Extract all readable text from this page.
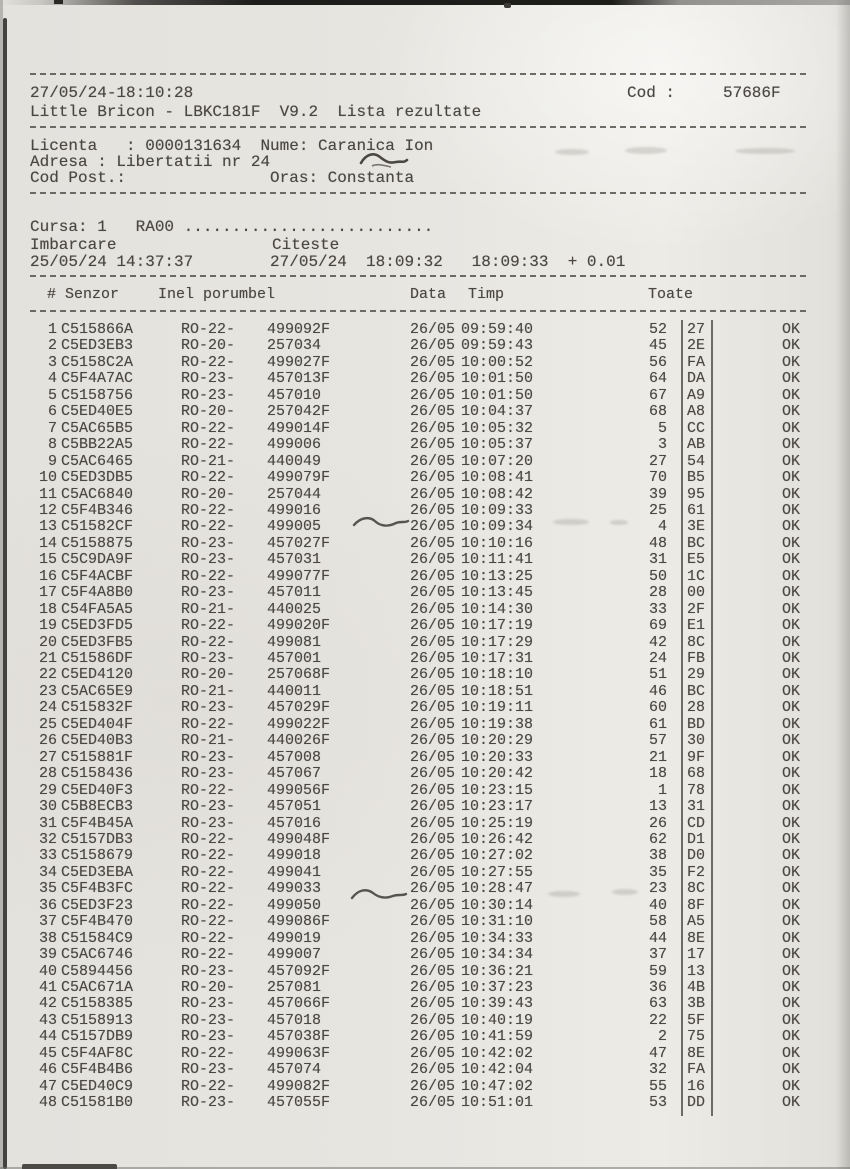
27/05/24-18:10:28	Cod :	57686F
Little Bricon - LBKC181F  V9.2  Lista rezultate
Licenta   : 0000131634  Nume: Caranica Ion
Adresa : Libertatii nr 24
Cod Post.:               Oras: Constanta
Cursa: 1   RA00 ..........................
Imbarcare	Citeste
25/05/24 14:37:37        27/05/24  18:09:32   18:09:33  + 0.01
# Senzor	Inel porumbel	Data Timp	Toate
1 C515866A	RO-22- 499092F	26/05 09:59:40	52 27	OK
2 C5ED3EB3	RO-20- 257034	26/05 09:59:43	45 2E	OK
3 C5158C2A	RO-22- 499027F	26/05 10:00:52	56 FA	OK
4 C5F4A7AC	RO-23- 457013F	26/05 10:01:50	64 DA	OK
5 C5158756	RO-23- 457010	26/05 10:01:50	67 A9	OK
6 C5ED40E5	RO-20- 257042F	26/05 10:04:37	68 A8	OK
7 C5AC65B5	RO-22- 499014F	26/05 10:05:32	5 CC	OK
8 C5BB22A5	RO-22- 499006	26/05 10:05:37	3 AB	OK
9 C5AC6465	RO-21- 440049	26/05 10:07:20	27 54	OK
10 C5ED3DB5	RO-22- 499079F	26/05 10:08:41	70 B5	OK
11 C5AC6840	RO-20- 257044	26/05 10:08:42	39 95	OK
12 C5F4B346	RO-22- 499016	26/05 10:09:33	25 61	OK
13 C51582CF	RO-22- 499005	26/05 10:09:34	4 3E	OK
14 C5158875	RO-23- 457027F	26/05 10:10:16	48 BC	OK
15 C5C9DA9F	RO-23- 457031	26/05 10:11:41	31 E5	OK
16 C5F4ACBF	RO-22- 499077F	26/05 10:13:25	50 1C	OK
17 C5F4A8B0	RO-23- 457011	26/05 10:13:45	28 00	OK
18 C54FA5A5	RO-21- 440025	26/05 10:14:30	33 2F	OK
19 C5ED3FD5	RO-22- 499020F	26/05 10:17:19	69 E1	OK
20 C5ED3FB5	RO-22- 499081	26/05 10:17:29	42 8C	OK
21 C51586DF	RO-23- 457001	26/05 10:17:31	24 FB	OK
22 C5ED4120	RO-20- 257068F	26/05 10:18:10	51 29	OK
23 C5AC65E9	RO-21- 440011	26/05 10:18:51	46 BC	OK
24 C515832F	RO-23- 457029F	26/05 10:19:11	60 28	OK
25 C5ED404F	RO-22- 499022F	26/05 10:19:38	61 BD	OK
26 C5ED40B3	RO-21- 440026F	26/05 10:20:29	57 30	OK
27 C515881F	RO-23- 457008	26/05 10:20:33	21 9F	OK
28 C5158436	RO-23- 457067	26/05 10:20:42	18 68	OK
29 C5ED40F3	RO-22- 499056F	26/05 10:23:15	1 78	OK
30 C5B8ECB3	RO-23- 457051	26/05 10:23:17	13 31	OK
31 C5F4B45A	RO-23- 457016	26/05 10:25:19	26 CD	OK
32 C5157DB3	RO-22- 499048F	26/05 10:26:42	62 D1	OK
33 C5158679	RO-22- 499018	26/05 10:27:02	38 D0	OK
34 C5ED3EBA	RO-22- 499041	26/05 10:27:55	35 F2	OK
35 C5F4B3FC	RO-22- 499033	26/05 10:28:47	23 8C	OK
36 C5ED3F23	RO-22- 499050	26/05 10:30:14	40 8F	OK
37 C5F4B470	RO-22- 499086F	26/05 10:31:10	58 A5	OK
38 C51584C9	RO-22- 499019	26/05 10:34:33	44 8E	OK
39 C5AC6746	RO-22- 499007	26/05 10:34:34	37 17	OK
40 C5894456	RO-23- 457092F	26/05 10:36:21	59 13	OK
41 C5AC671A	RO-20- 257081	26/05 10:37:23	36 4B	OK
42 C5158385	RO-23- 457066F	26/05 10:39:43	63 3B	OK
43 C5158913	RO-23- 457018	26/05 10:40:19	22 5F	OK
44 C5157DB9	RO-23- 457038F	26/05 10:41:59	2 75	OK
45 C5F4AF8C	RO-22- 499063F	26/05 10:42:02	47 8E	OK
46 C5F4B4B6	RO-23- 457074	26/05 10:42:04	32 FA	OK
47 C5ED40C9	RO-22- 499082F	26/05 10:47:02	55 16	OK
48 C51581B0	RO-23- 457055F	26/05 10:51:01	53 DD	OK
